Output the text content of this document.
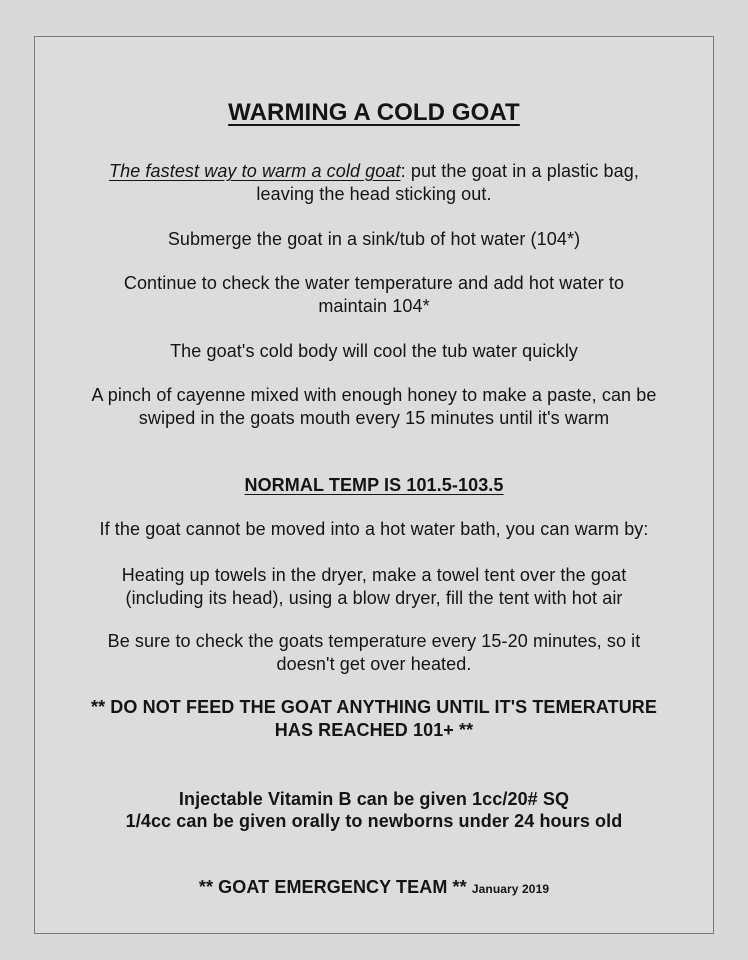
WARMING A COLD GOAT
The fastest way to warm a cold goat: put the goat in a plastic bag,
leaving the head sticking out.
Submerge the goat in a sink/tub of hot water (104*)
Continue to check the water temperature and add hot water to
maintain 104*
The goat's cold body will cool the tub water quickly
A pinch of cayenne mixed with enough honey to make a paste, can be
swiped in the goats mouth every 15 minutes until it's warm
NORMAL TEMP IS 101.5-103.5
If the goat cannot be moved into a hot water bath, you can warm by:
Heating up towels in the dryer, make a towel tent over the goat
(including its head), using a blow dryer, fill the tent with hot air
Be sure to check the goats temperature every 15-20 minutes, so it
doesn't get over heated.
** DO NOT FEED THE GOAT ANYTHING UNTIL IT'S TEMERATURE
HAS REACHED 101+ **
Injectable Vitamin B can be given 1cc/20# SQ
1/4cc can be given orally to newborns under 24 hours old
** GOAT EMERGENCY TEAM ** January 2019
